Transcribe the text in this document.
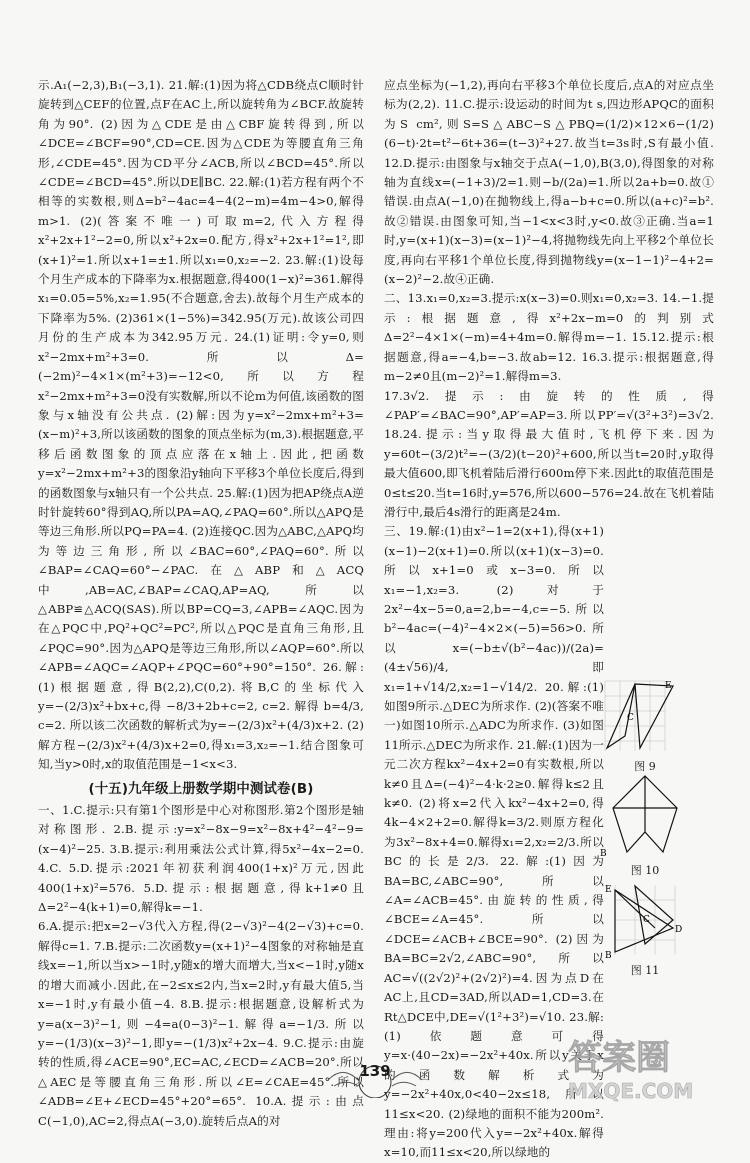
示.A₁(−2,3),B₁(−3,1). 21.解:(1)因为将△CDB绕点C顺时针旋转到△CEF的位置,点F在AC上,所以旋转角为∠BCF.故旋转角为90°. (2)因为△CDE是由△CBF旋转得到,所以∠DCE=∠BCF=90°,CD=CE.因为△CDE为等腰直角三角形,∠CDE=45°.因为CD平分∠ACB,所以∠BCD=45°.所以∠CDE=∠BCD=45°.所以DE∥BC. 22.解:(1)若方程有两个不相等的实数根,则Δ=b²−4ac=4−4(2−m)=4m−4>0,解得m>1. (2)(答案不唯一)可取m=2,代入方程得x²+2x+1²−2=0,所以x²+2x=0.配方,得x²+2x+1²=1²,即(x+1)²=1.所以x+1=±1.所以x₁=0,x₂=−2. 23.解:(1)设每个月生产成本的下降率为x.根据题意,得400(1−x)²=361.解得x₁=0.05=5%,x₂=1.95(不合题意,舍去).故每个月生产成本的下降率为5%. (2)361×(1−5%)=342.95(万元).故该公司四月份的生产成本为342.95万元. 24.(1)证明:令y=0,则x²−2mx+m²+3=0.所以Δ=(−2m)²−4×1×(m²+3)=−12<0,所以方程x²−2mx+m²+3=0没有实数解,所以不论m为何值,该函数的图象与x轴没有公共点. (2)解:因为y=x²−2mx+m²+3=(x−m)²+3,所以该函数的图象的顶点坐标为(m,3).根据题意,平移后函数图象的顶点应落在x轴上.因此,把函数y=x²−2mx+m²+3的图象沿y轴向下平移3个单位长度后,得到的函数图象与x轴只有一个公共点. 25.解:(1)因为把AP绕点A逆时针旋转60°得到AQ,所以PA=AQ,∠PAQ=60°.所以△APQ是等边三角形.所以PQ=PA=4. (2)连接QC.因为△ABC,△APQ均为等边三角形,所以∠BAC=60°,∠PAQ=60°.所以∠BAP=∠CAQ=60°−∠PAC.在△ABP和△ACQ中,AB=AC,∠BAP=∠CAQ,AP=AQ,所以△ABP≌△ACQ(SAS).所以BP=CQ=3,∠APB=∠AQC.因为在△PQC中,PQ²+QC²=PC²,所以△PQC是直角三角形,且∠PQC=90°.因为△APQ是等边三角形,所以∠AQP=60°.所以∠APB=∠AQC=∠AQP+∠PQC=60°+90°=150°. 26.解:(1)根据题意,得B(2,2),C(0,2).将B,C的坐标代入y=−(2/3)x²+bx+c,得 −8/3+2b+c=2, c=2. 解得 b=4/3, c=2. 所以该二次函数的解析式为y=−(2/3)x²+(4/3)x+2. (2)解方程−(2/3)x²+(4/3)x+2=0,得x₁=3,x₂=−1.结合图象可知,当y>0时,x的取值范围是−1<x<3.

(十五)九年级上册数学期中测试卷(B)

一、1.C.提示:只有第1个图形是中心对称图形.第2个图形是轴对称图形. 2.B.提示:y=x²−8x−9=x²−8x+4²−4²−9=(x−4)²−25. 3.B.提示:利用乘法公式计算,得5x²−4x−2=0. 4.C. 5.D.提示:2021年初获利润400(1+x)²万元,因此400(1+x)²=576. 5.D.提示:根据题意,得k+1≠0且Δ=2²−4(k+1)=0,解得k=−1.

6.A.提示:把x=2−√3代入方程,得(2−√3)²−4(2−√3)+c=0.解得c=1. 7.B.提示:二次函数y=(x+1)²−4图象的对称轴是直线x=−1,所以当x>−1时,y随x的增大而增大,当x<−1时,y随x的增大而减小.因此,在−2≤x≤2内,当x=2时,y有最大值5,当x=−1时,y有最小值−4. 8.B.提示:根据题意,设解析式为y=a(x−3)²−1,则−4=a(0−3)²−1.解得a=−1/3.所以y=−(1/3)(x−3)²−1,即y=−(1/3)x²+2x−4. 9.C.提示:由旋转的性质,得∠ACE=90°,EC=AC,∠ECD=∠ACB=20°.所以△AEC是等腰直角三角形.所以∠E=∠CAE=45°.所以∠ADB=∠E+∠ECD=45°+20°=65°. 10.A.提示:由点C(−1,0),AC=2,得点A(−3,0).旋转后点A的对

应点坐标为(−1,2),再向右平移3个单位长度后,点A的对应点坐标为(2,2). 11.C.提示:设运动的时间为t s,四边形APQC的面积为S cm²,则S=S△ABC−S△PBQ=(1/2)×12×6−(1/2)(6−t)·2t=t²−6t+36=(t−3)²+27.故当t=3s时,S有最小值. 12.D.提示:由图象与x轴交于点A(−1,0),B(3,0),得图象的对称轴为直线x=(−1+3)/2=1.则−b/(2a)=1.所以2a+b=0.故①错误.由点A(−1,0)在抛物线上,得a−b+c=0.所以(a+c)²=b².故②错误.由图象可知,当−1<x<3时,y<0.故③正确.当a=1时,y=(x+1)(x−3)=(x−1)²−4,将抛物线先向上平移2个单位长度,再向右平移1个单位长度,得到抛物线y=(x−1−1)²−4+2=(x−2)²−2.故④正确.

二、13.x₁=0,x₂=3.提示:x(x−3)=0.则x₁=0,x₂=3. 14.−1.提示:根据题意,得x²+2x−m=0的判别式Δ=2²−4×1×(−m)=4+4m=0.解得m=−1. 15.12.提示:根据题意,得a=−4,b=−3.故ab=12. 16.3.提示:根据题意,得m−2≠0且(m−2)²=1.解得m=3.

17.3√2.提示:由旋转的性质,得∠PAP′=∠BAC=90°,AP′=AP=3.所以PP′=√(3²+3²)=3√2. 18.24.提示:当y取得最大值时,飞机停下来.因为y=60t−(3/2)t²=−(3/2)(t−20)²+600,所以当t=20时,y取得最大值600,即飞机着陆后滑行600m停下来.因此t的取值范围是0≤t≤20.当t=16时,y=576,所以600−576=24.故在飞机着陆滑行中,最后4s滑行的距离是24m.

三、19.解:(1)由x²−1=2(x+1),得(x+1)(x−1)−2(x+1)=0.所以(x+1)(x−3)=0.所以x+1=0或x−3=0.所以x₁=−1,x₂=3. (2)对于2x²−4x−5=0,a=2,b=−4,c=−5.所以b²−4ac=(−4)²−4×2×(−5)=56>0.所以x=(−b±√(b²−4ac))/(2a)=(4±√56)/4,即x₁=1+√14/2,x₂=1−√14/2. 20.解:(1)如图9所示.△DEC为所求作. (2)(答案不唯一)如图10所示.△ADC为所求作. (3)如图11所示.△DEC为所求作. 21.解:(1)因为一元二次方程kx²−4x+2=0有实数根,所以k≠0且Δ=(−4)²−4·k·2≥0.解得k≤2且k≠0. (2)将x=2代入kx²−4x+2=0,得4k−4×2+2=0.解得k=3/2.则原方程化为3x²−8x+4=0.解得x₁=2,x₂=2/3.所以BC的长是2/3. 22.解:(1)因为BA=BC,∠ABC=90°,所以∠A=∠ACB=45°.由旋转的性质,得∠BCE=∠A=45°.所以∠DCE=∠ACB+∠BCE=90°. (2)因为BA=BC=2√2,∠ABC=90°,所以AC=√((2√2)²+(2√2)²)=4.因为点D在AC上,且CD=3AD,所以AD=1,CD=3.在Rt△DCE中,DE=√(1²+3²)=√10. 23.解:(1)依题意可得y=x·(40−2x)=−2x²+40x.所以y关于x的函数解析式为y=−2x²+40x,0<40−2x≤18,所以11≤x<20. (2)绿地的面积不能为200m².理由:将y=200代入y=−2x²+40x.解得x=10,而11≤x<20,所以绿地的

E
C
图 9
B
图 10
E
D
C
B
图 11
139	答案圈
MXQE.COM
